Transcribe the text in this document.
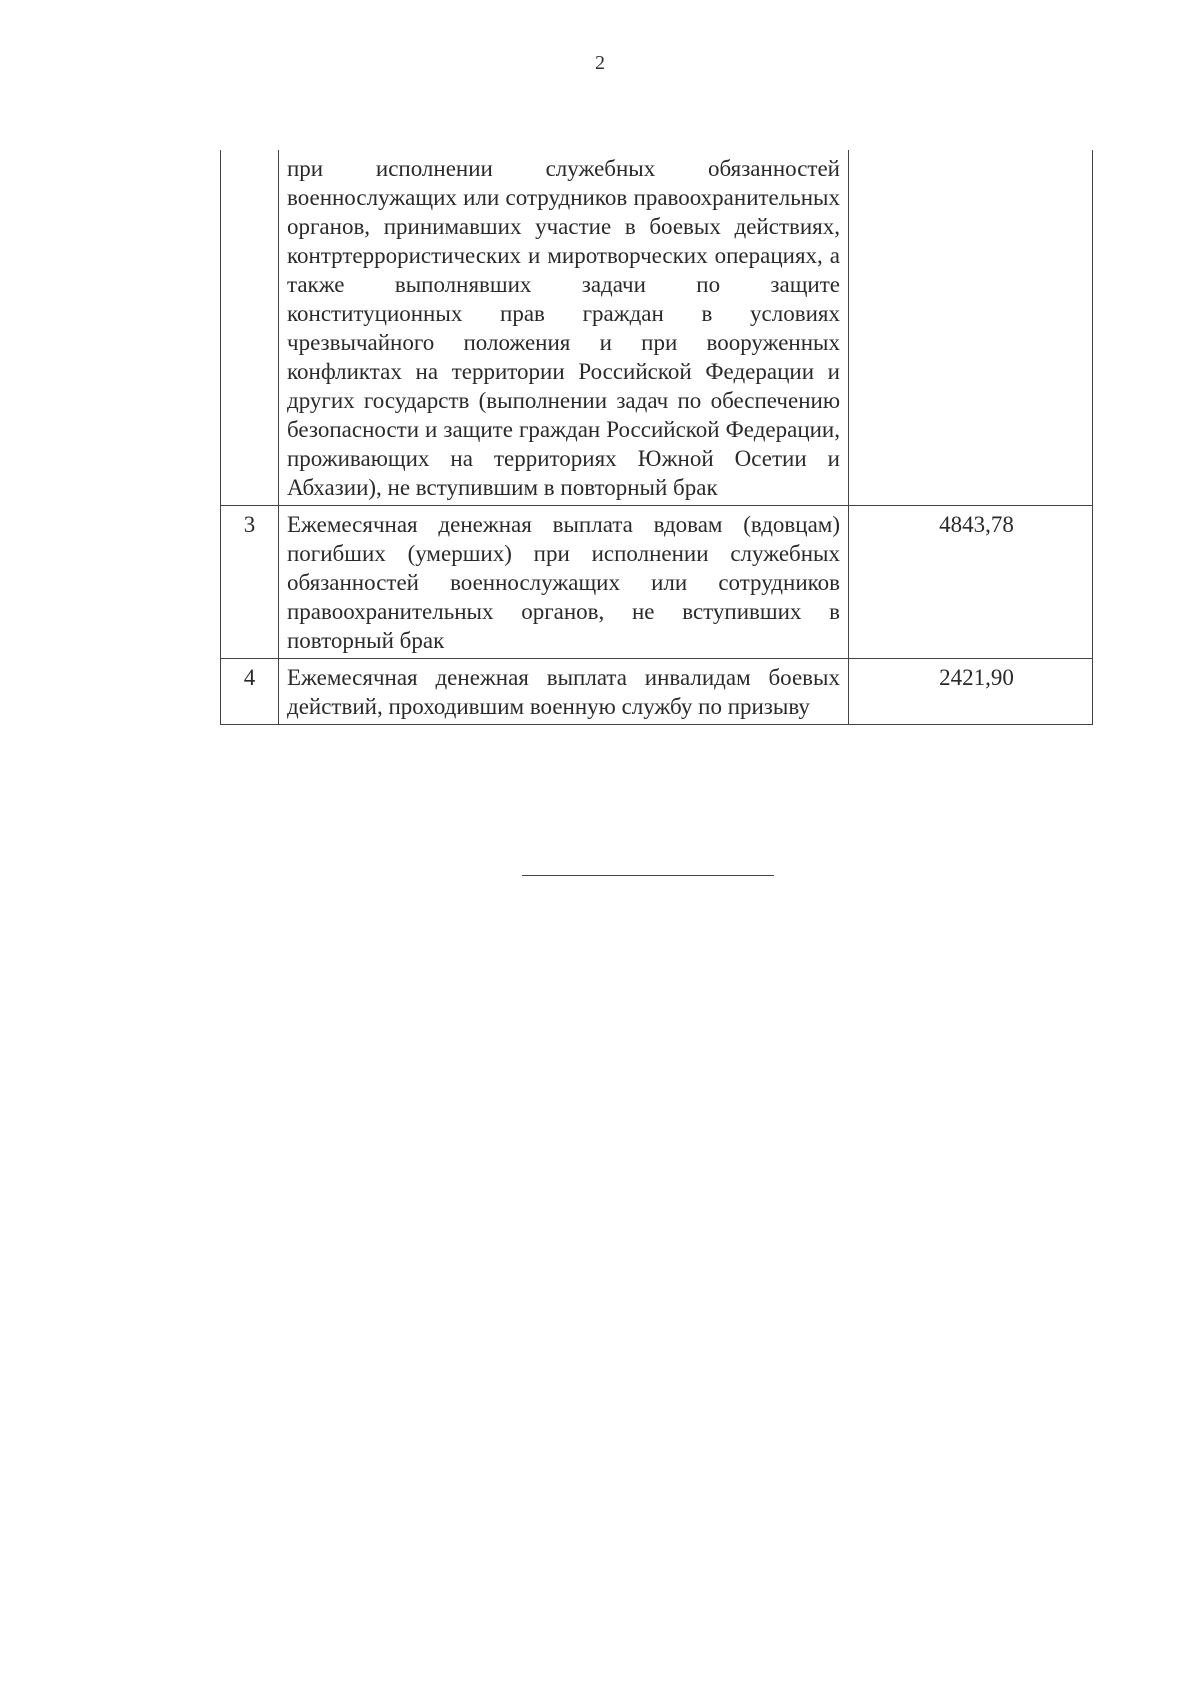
2
	при исполнении служебных обязанностей военнослужащих или сотрудников правоохранительных органов, принимавших участие в боевых действиях, контртеррористических и миротворческих операциях, а также выполнявших задачи по защите конституционных прав граждан в условиях чрезвычайного положения и при вооруженных конфликтах на территории Российской Федерации и других государств (выполнении задач по обеспечению безопасности и защите граждан Российской Федерации, проживающих на территориях Южной Осетии и Абхазии), не вступившим в повторный брак	
3	Ежемесячная денежная выплата вдовам (вдовцам) погибших (умерших) при исполнении служебных обязанностей военнослужащих или сотрудников правоохранительных органов, не вступивших в повторный брак	4843,78
4	Ежемесячная денежная выплата инвалидам боевых действий, проходившим военную службу по призыву	2421,90
